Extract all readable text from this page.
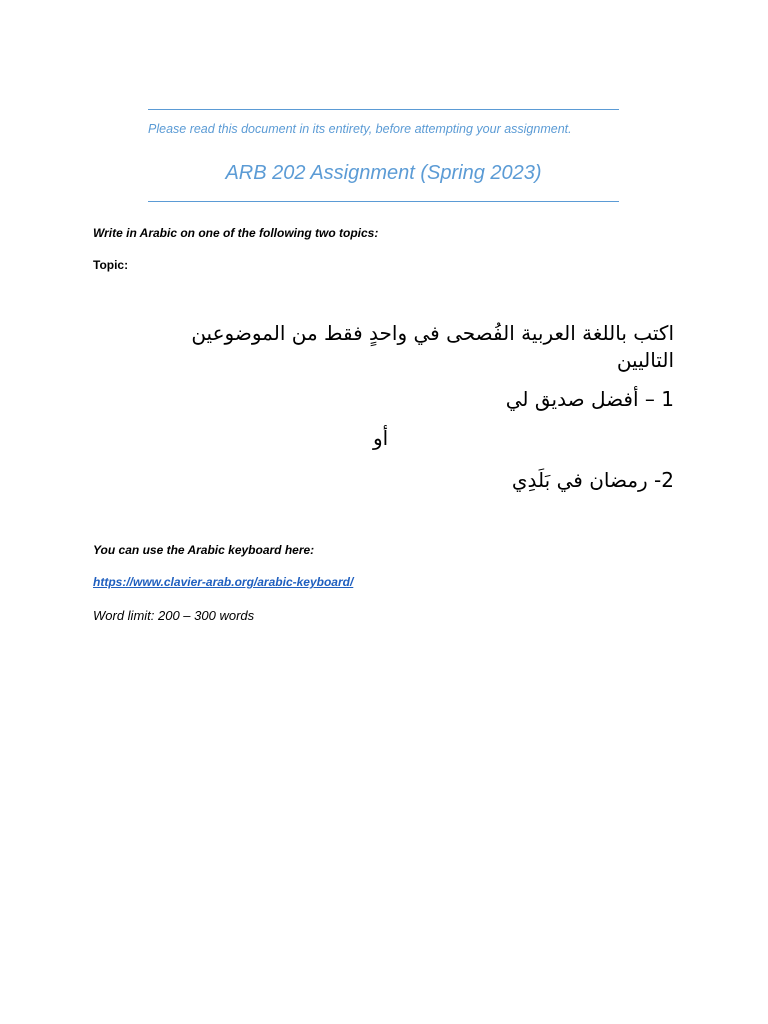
Please read this document in its entirety, before attempting your assignment.
ARB 202 Assignment (Spring 2023)
Write in Arabic on one of the following two topics:
Topic:
اكتب باللغة العربية الفُصحى في واحدٍ فقط من الموضوعين التاليين
1 – أفضل صديق لي
أو
2- رمضان في بَلَدِي
You can use the Arabic keyboard here:
https://www.clavier-arab.org/arabic-keyboard/
Word limit: 200 – 300 words
